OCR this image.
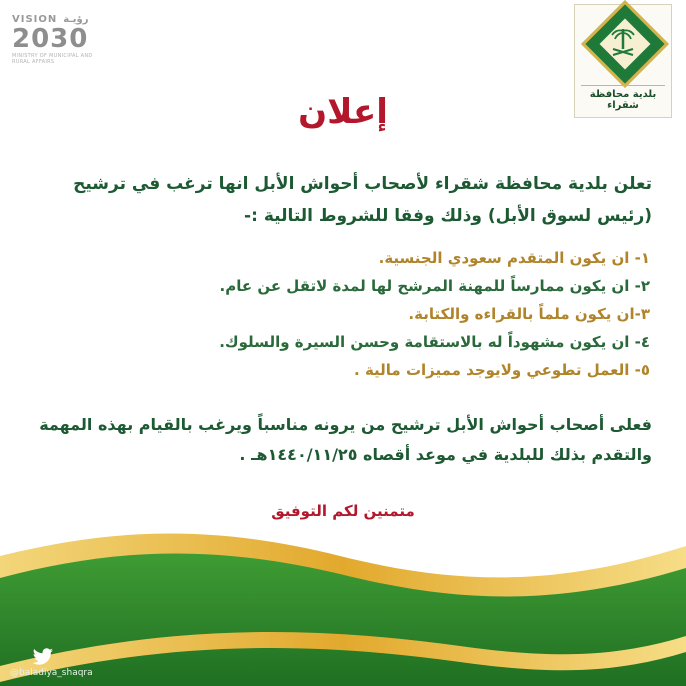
بلدية محافظة شقراء
VISION رؤيـة
2030
MINISTRY OF MUNICIPAL AND RURAL AFFAIRS
إعلان
تعلن بلدية محافظة شقراء لأصحاب أحواش الأبل انها ترغب في ترشيح (رئيس لسوق الأبل) وذلك وفقا للشروط التالية :-
١- ان يكون المتقدم سعودي الجنسية.
٢- ان يكون ممارساً للمهنة المرشح لها لمدة لاتقل عن عام.
٣-ان يكون ملماً بالقراءه والكتابة.
٤- ان يكون مشهوداً له بالاستقامة وحسن السيرة والسلوك.
٥- العمل تطوعي ولايوجد مميزات مالية .
فعلى أصحاب أحواش الأبل ترشيح من يرونه مناسباً ويرغب بالقيام بهذه المهمة والتقدم بذلك للبلدية في موعد أقصاه ١٤٤٠/١١/٢٥هـ .
متمنين لكم التوفيق
@baladiya_shaqra
